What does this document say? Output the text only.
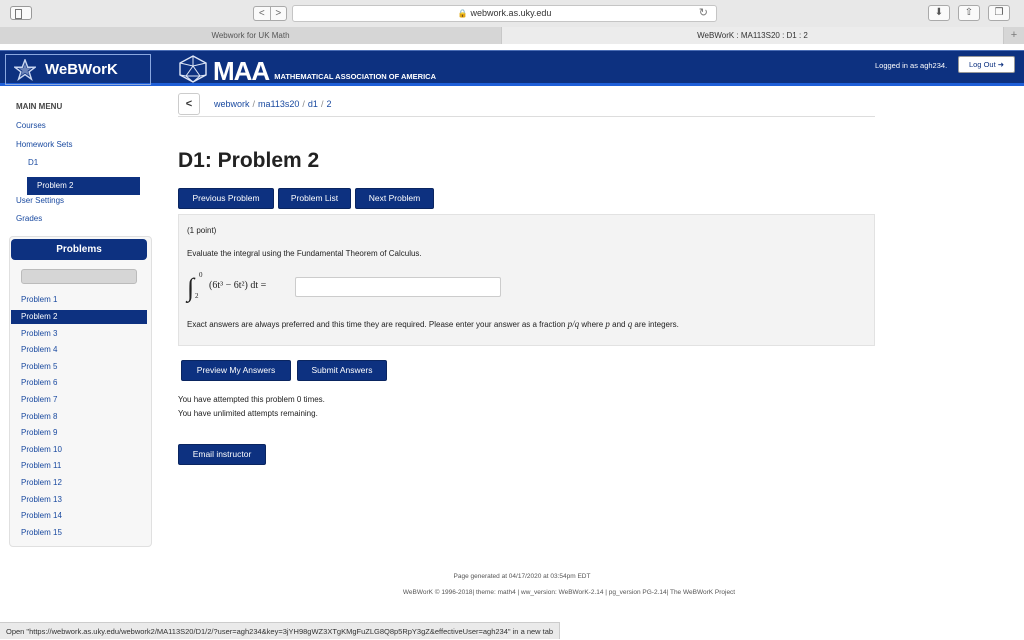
<	>	🔒 webwork.as.uky.edu	↻	⬇	⇧	❐
Webwork for UK Math	WeBWorK : MA113S20 : D1 : 2	+
WeBWorK	MAA MATHEMATICAL ASSOCIATION OF AMERICA
Logged in as agh234.	Log Out ➜
MAIN MENU
Courses
Homework Sets
D1
Problem 2
User Settings
Grades
Problems
Problem 1
Problem 2
Problem 3
Problem 4
Problem 5
Problem 6
Problem 7
Problem 8
Problem 9
Problem 10
Problem 11
Problem 12
Problem 13
Problem 14
Problem 15
<	webwork / ma113s20 / d1 / 2
D1: Problem 2
Previous Problem	Problem List	Next Problem
(1 point)
Evaluate the integral using the Fundamental Theorem of Calculus.
∫ 0
2
(6t³ − 6t²) dt =
Exact answers are always preferred and this time they are required. Please enter your answer as a fraction p/q where p and q are integers.
Preview My Answers	Submit Answers
You have attempted this problem 0 times.
You have unlimited attempts remaining.
Email instructor
Page generated at 04/17/2020 at 03:54pm EDT
WeBWorK © 1996-2018| theme: math4 | ww_version: WeBWorK-2.14 | pg_version PG-2.14| The WeBWorK Project
Open "https://webwork.as.uky.edu/webwork2/MA113S20/D1/2/?user=agh234&key=3jYH98gWZ3XTgKMgFuZLG8Q8p5RpY3gZ&effectiveUser=agh234" in a new tab
